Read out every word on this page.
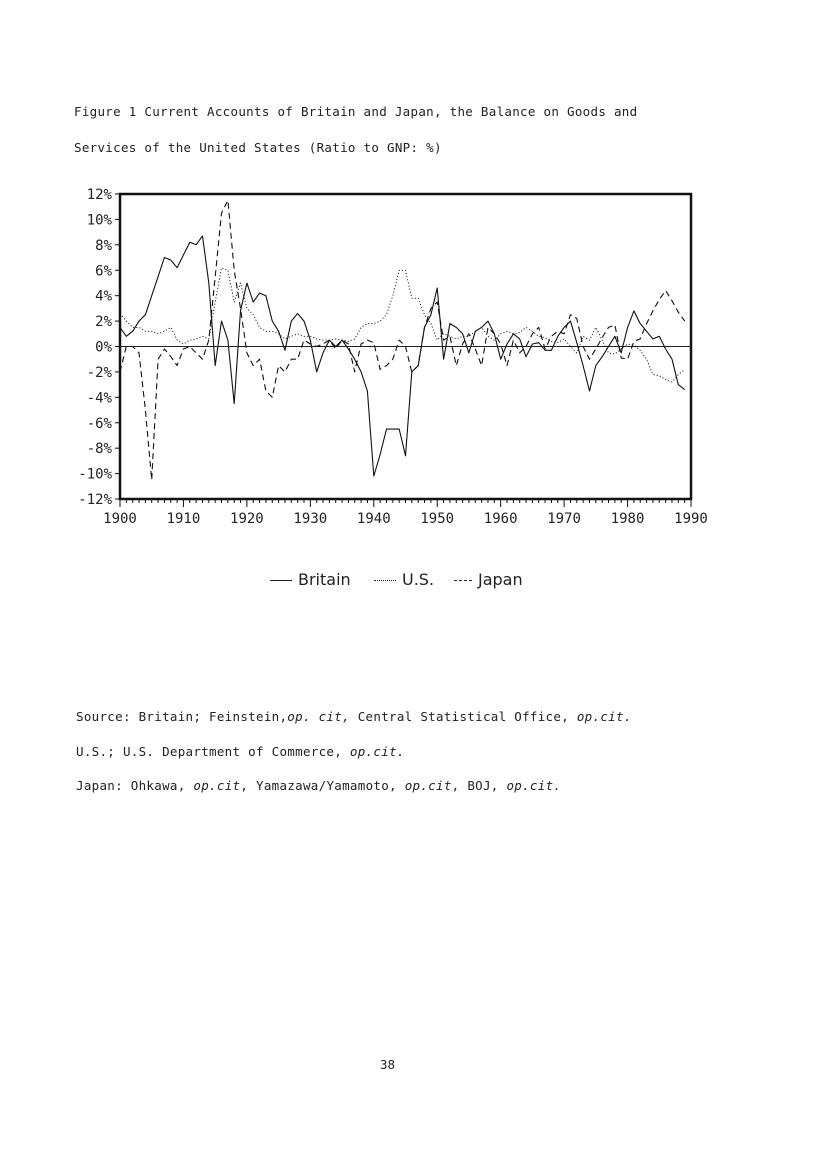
Figure 1 Current Accounts of Britain and Japan, the Balance on Goods and
Services of the United States (Ratio to GNP: %)
12%
10%
8%
6%
4%
2%
0%
-2%
-4%
-6%
-8%
-10%
-12%
1900 1910 1920 1930 1940 1950 1960 1970 1980 1990
Britain	U.S.	Japan
Source: Britain; Feinstein,op. cit, Central Statistical Office, op.cit.
U.S.; U.S. Department of Commerce, op.cit.
Japan: Ohkawa, op.cit, Yamazawa/Yamamoto, op.cit, BOJ, op.cit.
38
